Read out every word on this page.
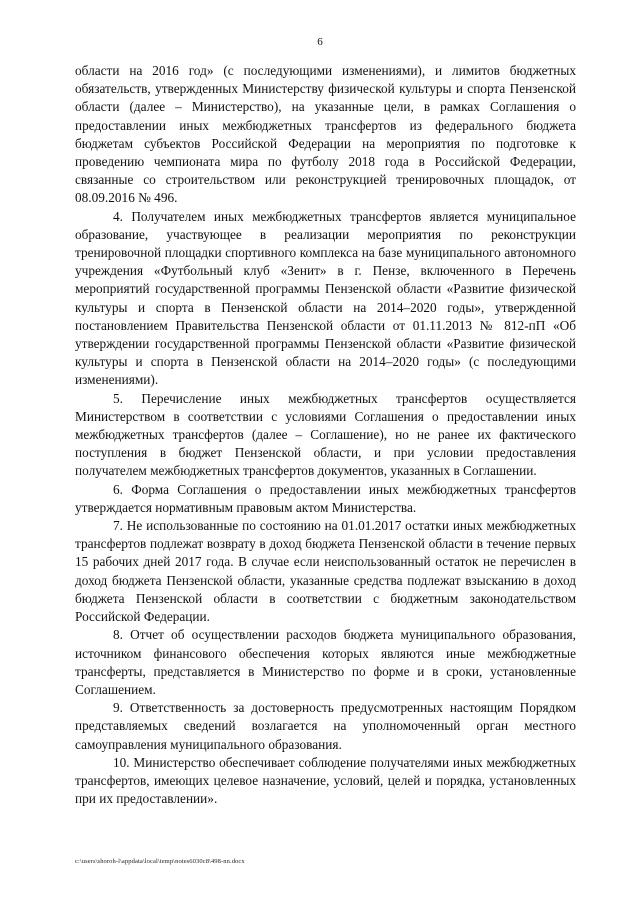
6

области на 2016 год» (с последующими изменениями), и лимитов бюджетных обязательств, утвержденных Министерству физической культуры и спорта Пензенской области (далее – Министерство), на указанные цели, в рамках Соглашения о предоставлении иных межбюджетных трансфертов из федерального бюджета бюджетам субъектов Российской Федерации на мероприятия по подготовке к проведению чемпионата мира по футболу 2018 года в Российской Федерации, связанные со строительством или реконструкцией тренировочных площадок, от 08.09.2016 № 496.

4. Получателем иных межбюджетных трансфертов является муниципальное образование, участвующее в реализации мероприятия по реконструкции тренировочной площадки спортивного комплекса на базе муниципального автономного учреждения «Футбольный клуб «Зенит» в г. Пензе, включенного в Перечень мероприятий государственной программы Пензенской области «Развитие физической культуры и спорта в Пензенской области на 2014–2020 годы», утвержденной постановлением Правительства Пензенской области от 01.11.2013 № 812-пП «Об утверждении государственной программы Пензенской области «Развитие физической культуры и спорта в Пензенской области на 2014–2020 годы» (с последующими изменениями).

5. Перечисление иных межбюджетных трансфертов осуществляется Министерством в соответствии с условиями Соглашения о предоставлении иных межбюджетных трансфертов (далее – Соглашение), но не ранее их фактического поступления в бюджет Пензенской области, и при условии предоставления получателем межбюджетных трансфертов документов, указанных в Соглашении.

6. Форма Соглашения о предоставлении иных межбюджетных трансфертов утверждается нормативным правовым актом Министерства.

7. Не использованные по состоянию на 01.01.2017 остатки иных межбюджетных трансфертов подлежат возврату в доход бюджета Пензенской области в течение первых 15 рабочих дней 2017 года. В случае если неиспользованный остаток не перечислен в доход бюджета Пензенской области, указанные средства подлежат взысканию в доход бюджета Пензенской области в соответствии с бюджетным законодательством Российской Федерации.

8. Отчет об осуществлении расходов бюджета муниципального образования, источником финансового обеспечения которых являются иные межбюджетные трансферты, представляется в Министерство по форме и в сроки, установленные Соглашением.

9. Ответственность за достоверность предусмотренных настоящим Порядком представляемых сведений возлагается на уполномоченный орган местного самоуправления муниципального образования.

10. Министерство обеспечивает соблюдение получателями иных межбюджетных трансфертов, имеющих целевое назначение, условий, целей и порядка, установленных при их предоставлении».

c:\users\shoroh-l\appdata\local\temp\notes6030c8\498-nn.docx
